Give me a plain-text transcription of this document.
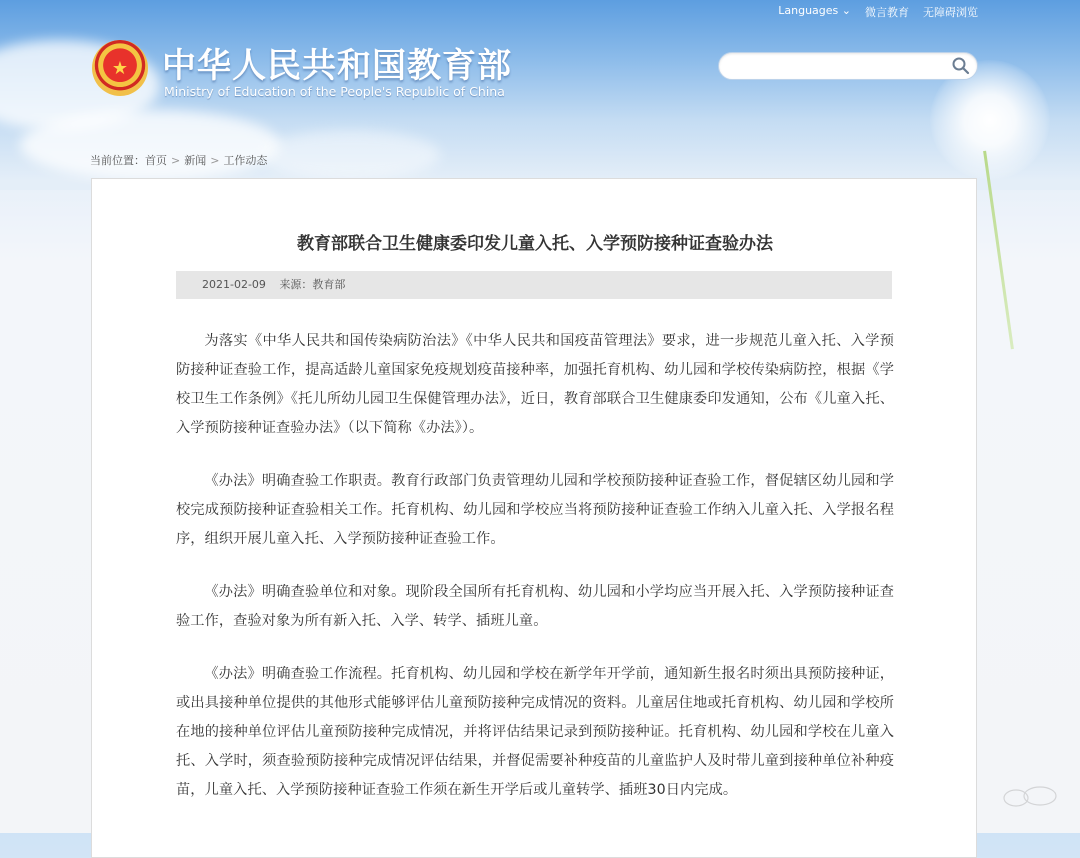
Languages ⌄ 微言教育 无障碍浏览
★ 中华人民共和国教育部
Ministry of Education of the People's Republic of China
当前位置：首页 > 新闻 > 工作动态
教育部联合卫生健康委印发儿童入托、入学预防接种证查验办法
2021-02-09 来源：教育部

为落实《中华人民共和国传染病防治法》《中华人民共和国疫苗管理法》要求，进一步规范儿童入托、入学预防接种证查验工作，提高适龄儿童国家免疫规划疫苗接种率，加强托育机构、幼儿园和学校传染病防控，根据《学校卫生工作条例》《托儿所幼儿园卫生保健管理办法》，近日，教育部联合卫生健康委印发通知，公布《儿童入托、入学预防接种证查验办法》（以下简称《办法》）。

《办法》明确查验工作职责。教育行政部门负责管理幼儿园和学校预防接种证查验工作，督促辖区幼儿园和学校完成预防接种证查验相关工作。托育机构、幼儿园和学校应当将预防接种证查验工作纳入儿童入托、入学报名程序，组织开展儿童入托、入学预防接种证查验工作。

《办法》明确查验单位和对象。现阶段全国所有托育机构、幼儿园和小学均应当开展入托、入学预防接种证查验工作，查验对象为所有新入托、入学、转学、插班儿童。

《办法》明确查验工作流程。托育机构、幼儿园和学校在新学年开学前，通知新生报名时须出具预防接种证，或出具接种单位提供的其他形式能够评估儿童预防接种完成情况的资料。儿童居住地或托育机构、幼儿园和学校所在地的接种单位评估儿童预防接种完成情况，并将评估结果记录到预防接种证。托育机构、幼儿园和学校在儿童入托、入学时，须查验预防接种完成情况评估结果，并督促需要补种疫苗的儿童监护人及时带儿童到接种单位补种疫苗，儿童入托、入学预防接种证查验工作须在新生开学后或儿童转学、插班30日内完成。
